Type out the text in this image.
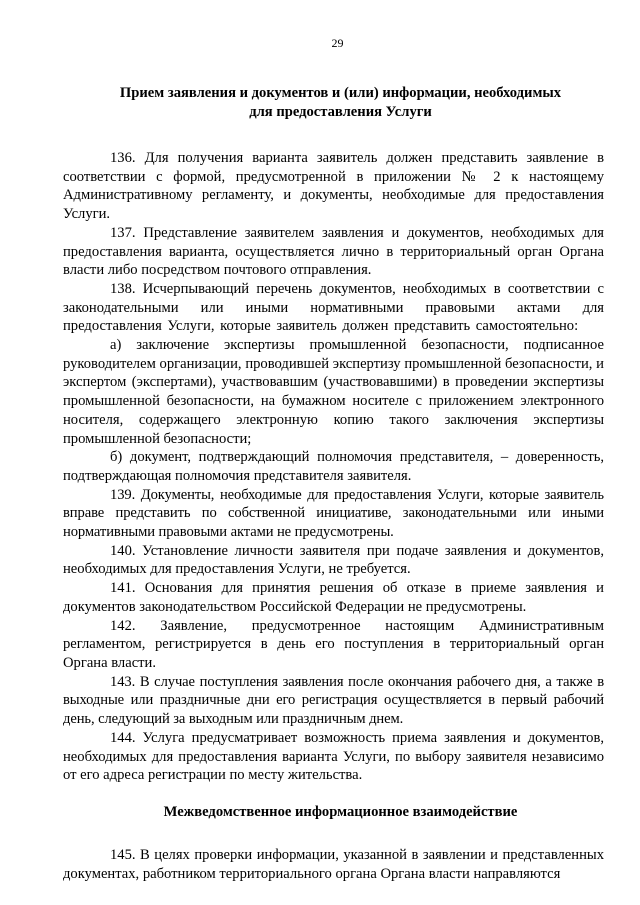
29
Прием заявления и документов и (или) информации, необходимых
для предоставления Услуги

136. Для получения варианта заявитель должен представить заявление в соответствии с формой, предусмотренной в приложении № 2 к настоящему Административному регламенту, и документы, необходимые для предоставления Услуги.

137. Представление заявителем заявления и документов, необходимых для предоставления варианта, осуществляется лично в территориальный орган Органа власти либо посредством почтового отправления.

138. Исчерпывающий перечень документов, необходимых в соответствии с законодательными или иными нормативными правовыми актами для предоставления Услуги, которые заявитель должен представить самостоятельно:

а) заключение экспертизы промышленной безопасности, подписанное руководителем организации, проводившей экспертизу промышленной безопасности, и экспертом (экспертами), участвовавшим (участвовавшими) в проведении экспертизы промышленной безопасности, на бумажном носителе с приложением электронного носителя, содержащего электронную копию такого заключения экспертизы промышленной безопасности;

б) документ, подтверждающий полномочия представителя, – доверенность, подтверждающая полномочия представителя заявителя.

139. Документы, необходимые для предоставления Услуги, которые заявитель вправе представить по собственной инициативе, законодательными или иными нормативными правовыми актами не предусмотрены.

140. Установление личности заявителя при подаче заявления и документов, необходимых для предоставления Услуги, не требуется.

141. Основания для принятия решения об отказе в приеме заявления и документов законодательством Российской Федерации не предусмотрены.

142. Заявление, предусмотренное настоящим Административным регламентом, регистрируется в день его поступления в территориальный орган Органа власти.

143. В случае поступления заявления после окончания рабочего дня, а также в выходные или праздничные дни его регистрация осуществляется в первый рабочий день, следующий за выходным или праздничным днем.

144. Услуга предусматривает возможность приема заявления и документов, необходимых для предоставления варианта Услуги, по выбору заявителя независимо от его адреса регистрации по месту жительства.

Межведомственное информационное взаимодействие

145. В целях проверки информации, указанной в заявлении и представленных документах, работником территориального органа Органа власти направляются
